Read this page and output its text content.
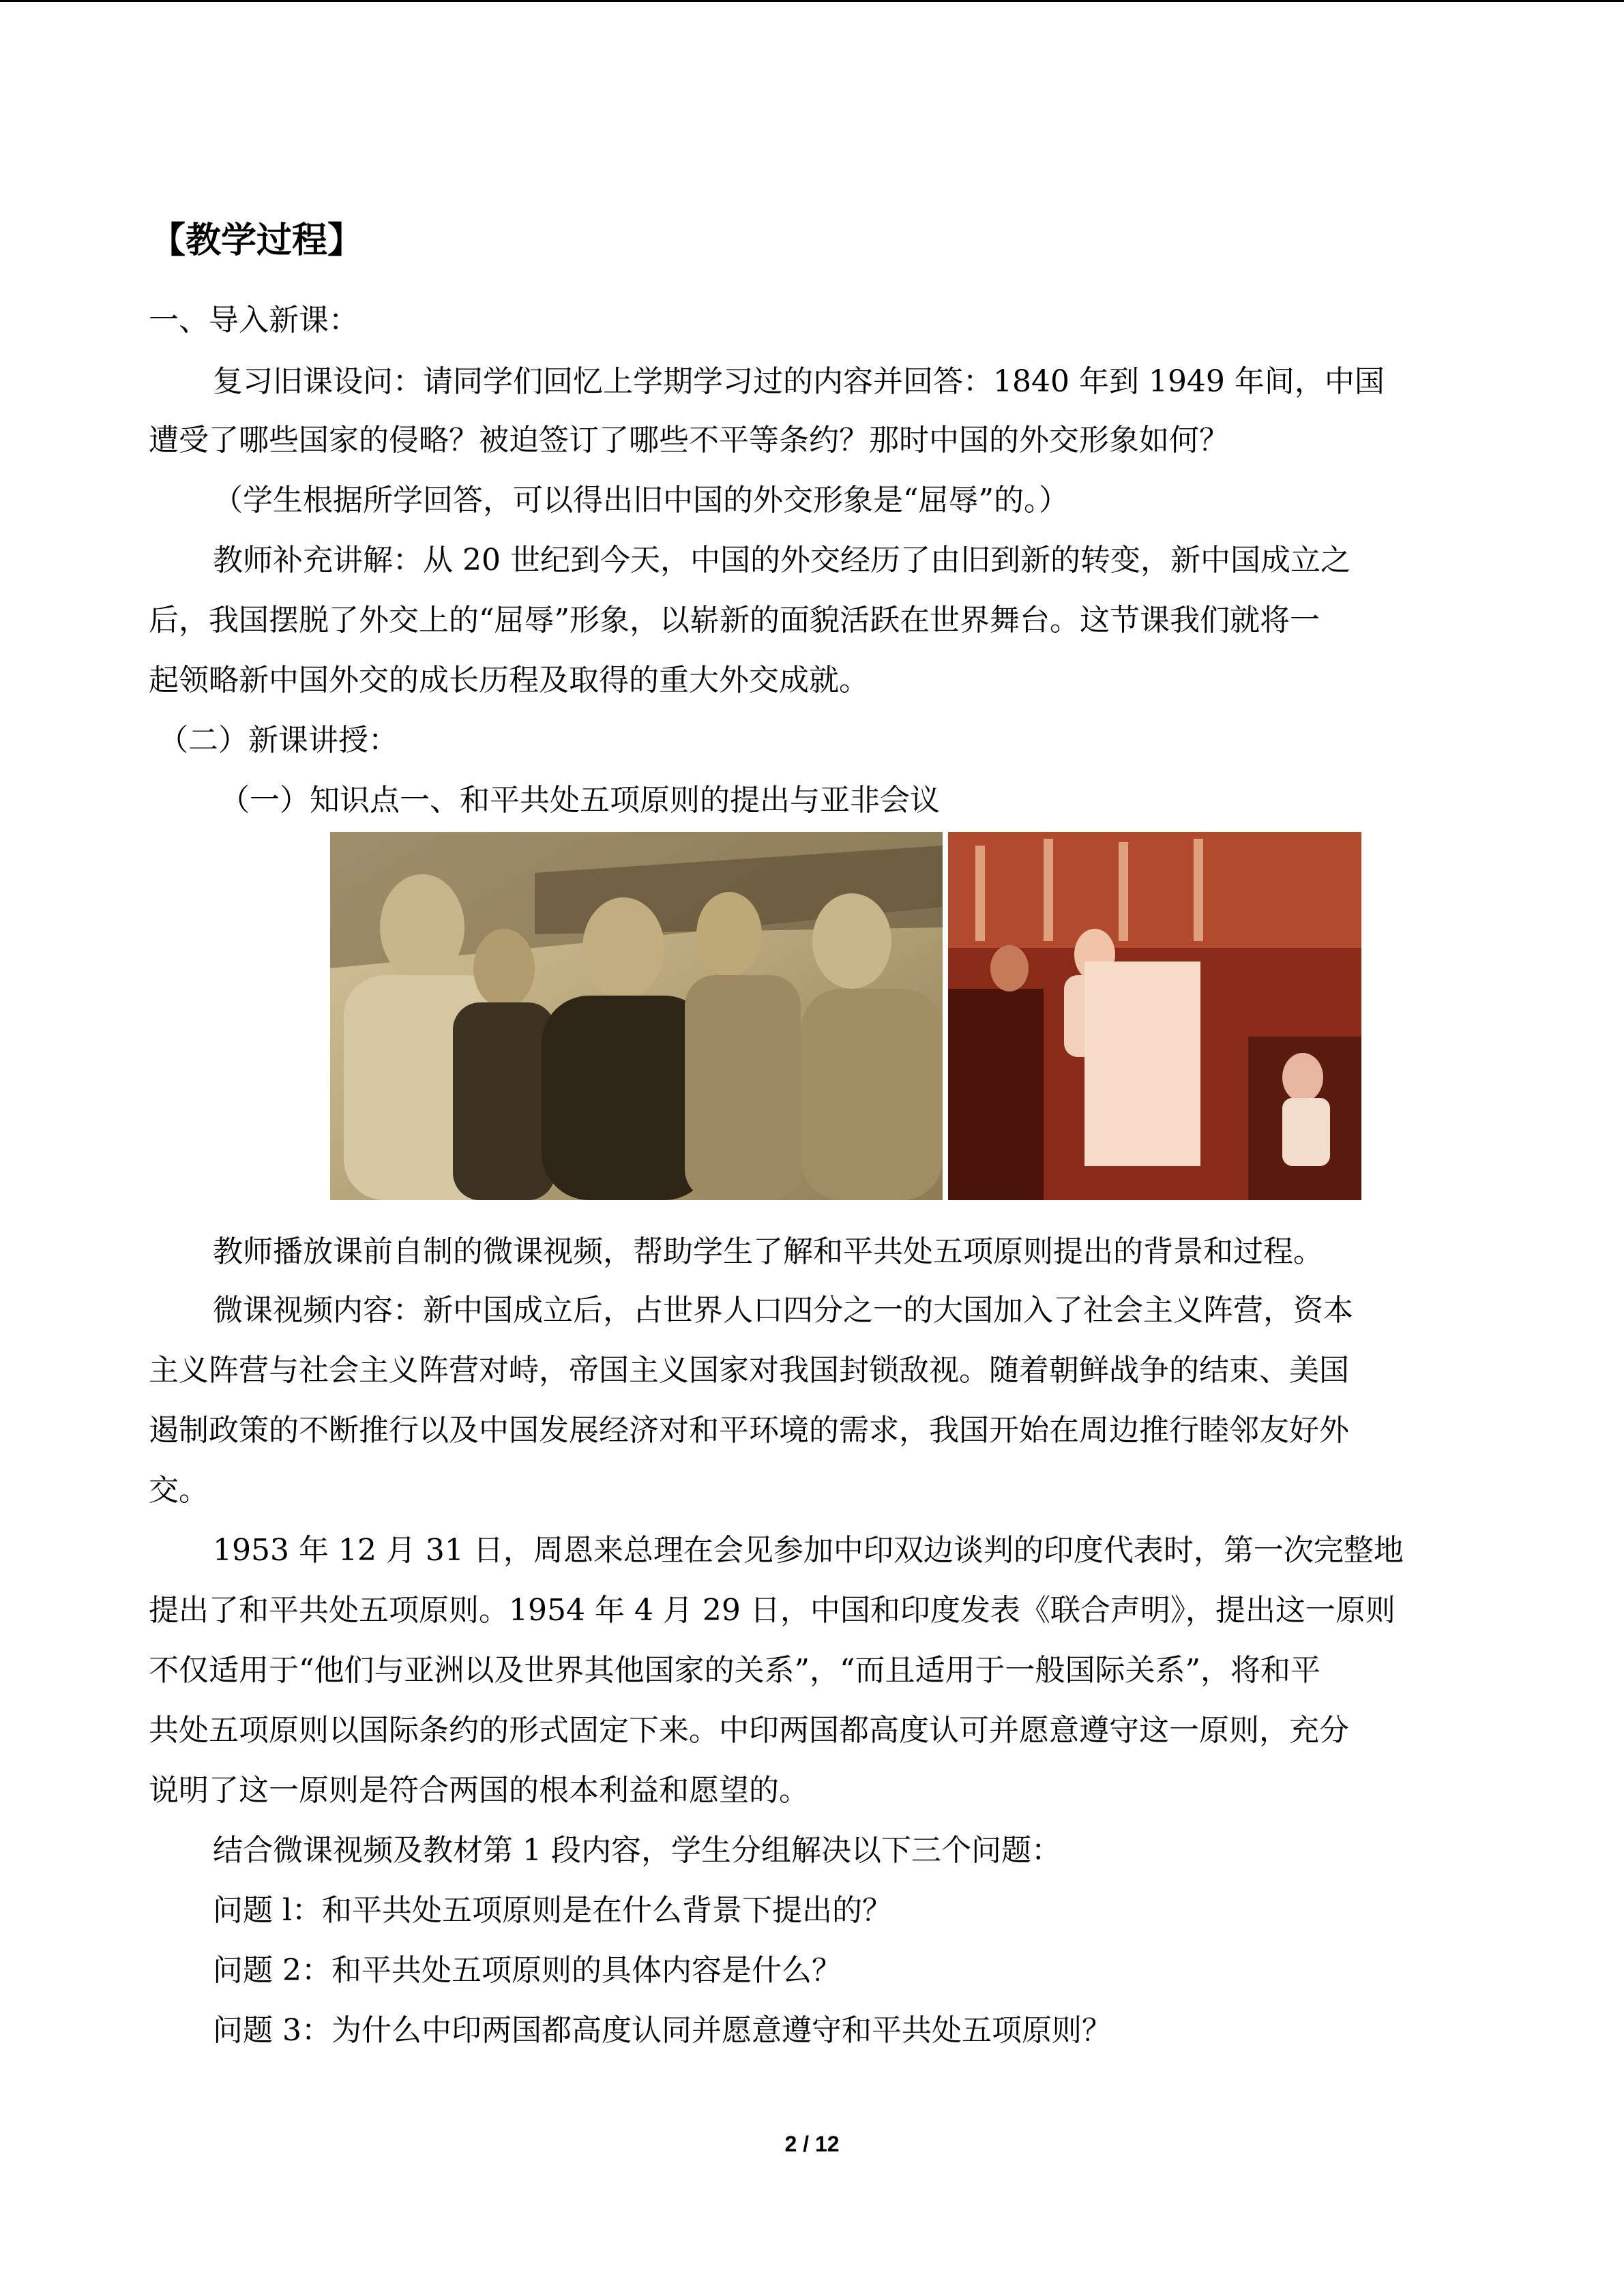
【教学过程】
一、导入新课：
复习旧课设问：请同学们回忆上学期学习过的内容并回答：1840 年到 1949 年间，中国
遭受了哪些国家的侵略？被迫签订了哪些不平等条约？那时中国的外交形象如何？
（学生根据所学回答，可以得出旧中国的外交形象是“屈辱”的。）
教师补充讲解：从 20 世纪到今天，中国的外交经历了由旧到新的转变，新中国成立之
后，我国摆脱了外交上的“屈辱”形象，以崭新的面貌活跃在世界舞台。这节课我们就将一
起领略新中国外交的成长历程及取得的重大外交成就。
（二）新课讲授：
（一）知识点一、和平共处五项原则的提出与亚非会议
教师播放课前自制的微课视频，帮助学生了解和平共处五项原则提出的背景和过程。
微课视频内容：新中国成立后，占世界人口四分之一的大国加入了社会主义阵营，资本
主义阵营与社会主义阵营对峙，帝国主义国家对我国封锁敌视。随着朝鲜战争的结束、美国
遏制政策的不断推行以及中国发展经济对和平环境的需求，我国开始在周边推行睦邻友好外
交。
1953 年 12 月 31 日，周恩来总理在会见参加中印双边谈判的印度代表时，第一次完整地
提出了和平共处五项原则。1954 年 4 月 29 日，中国和印度发表《联合声明》，提出这一原则
不仅适用于“他们与亚洲以及世界其他国家的关系”，“而且适用于一般国际关系”，将和平
共处五项原则以国际条约的形式固定下来。中印两国都高度认可并愿意遵守这一原则，充分
说明了这一原则是符合两国的根本利益和愿望的。
结合微课视频及教材第 1 段内容，学生分组解决以下三个问题：
问题 l：和平共处五项原则是在什么背景下提出的？
问题 2：和平共处五项原则的具体内容是什么？
问题 3：为什么中印两国都高度认同并愿意遵守和平共处五项原则？
2 / 12
